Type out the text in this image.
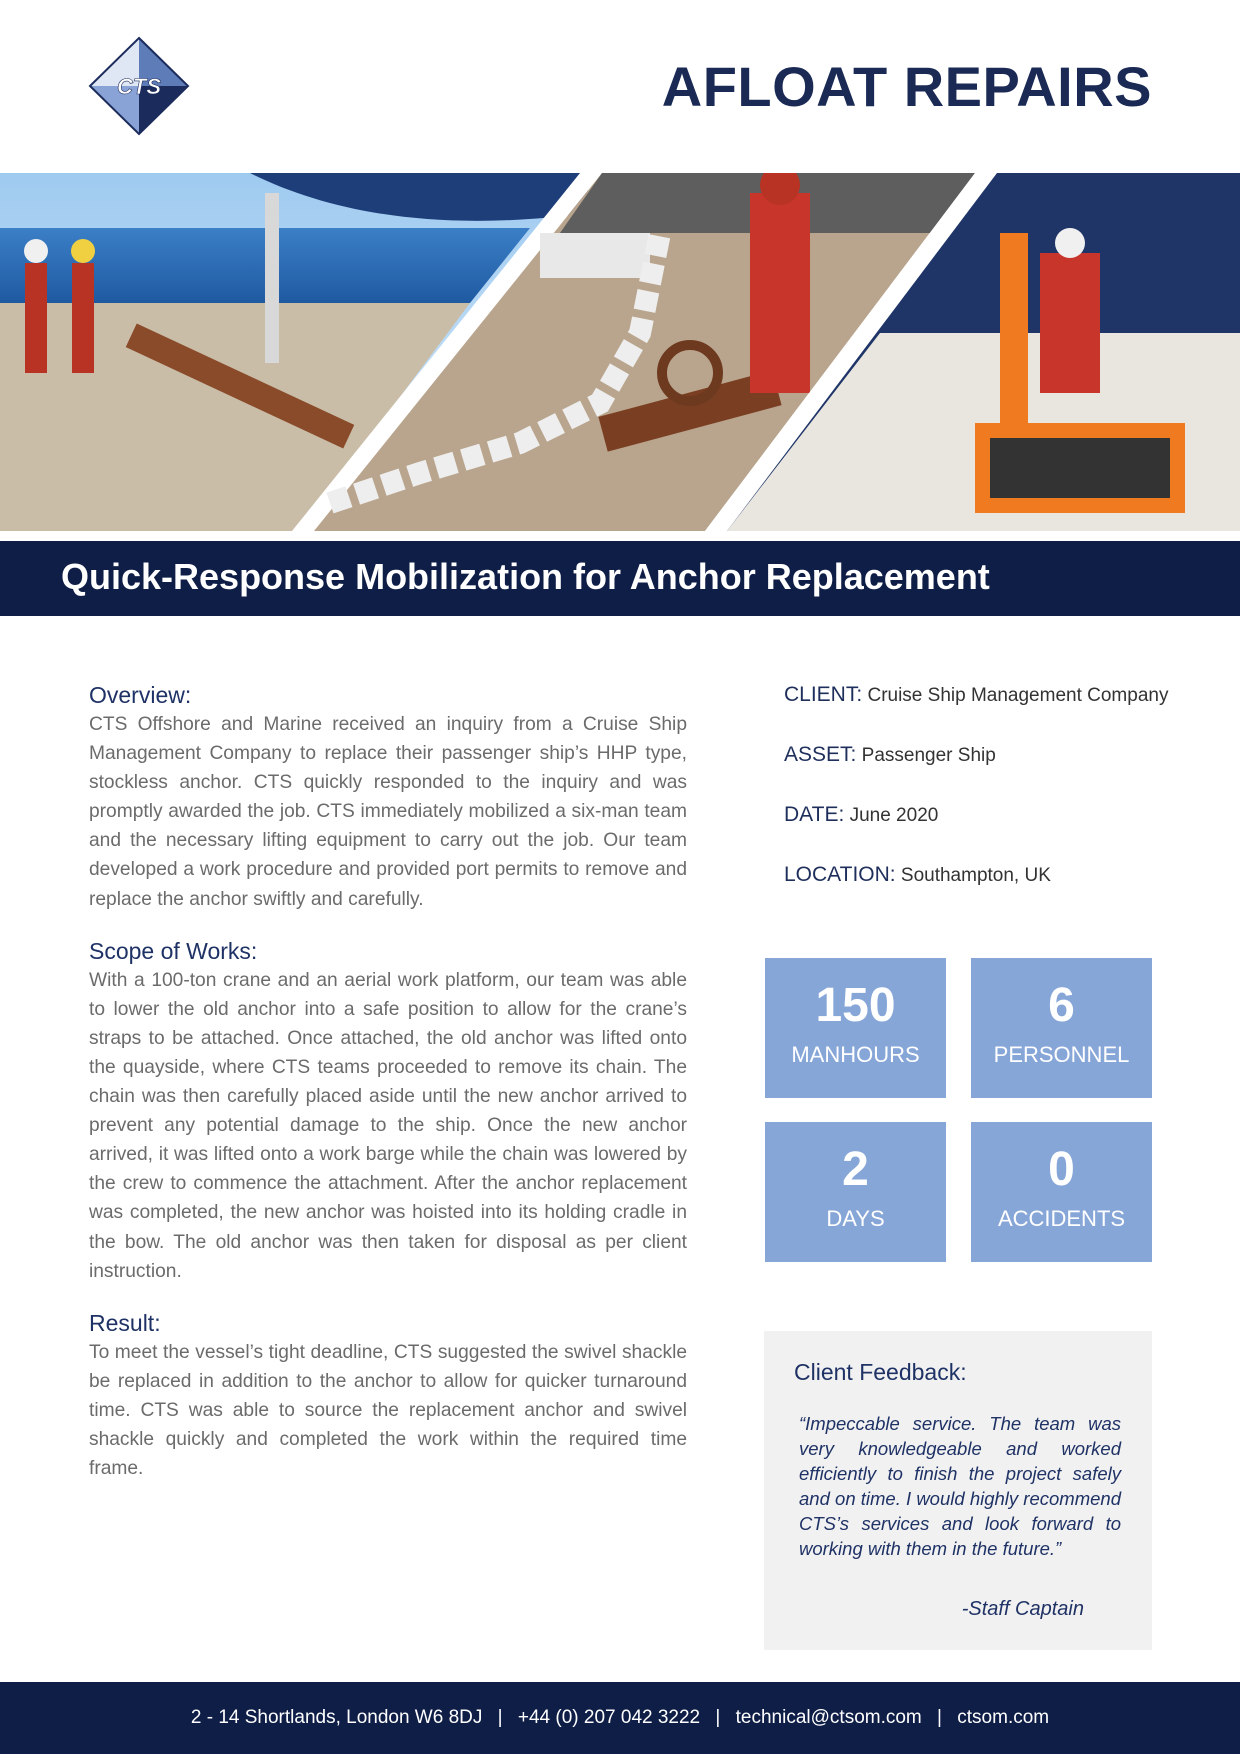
CTS	AFLOAT REPAIRS
Quick-Response Mobilization for Anchor Replacement
Overview:

CTS Offshore and Marine received an inquiry from a Cruise Ship Management Company to replace their passenger ship’s HHP type, stockless anchor. CTS quickly responded to the inquiry and was promptly awarded the job. CTS immediately mobilized a six-man team and the necessary lifting equipment to carry out the job. Our team developed a work procedure and provided port permits to remove and replace the anchor swiftly and carefully.

Scope of Works:

With a 100-ton crane and an aerial work platform, our team was able to lower the old anchor into a safe position to allow for the crane’s straps to be attached. Once attached, the old anchor was lifted onto the quayside, where CTS teams proceeded to remove its chain. The chain was then carefully placed aside until the new anchor arrived to prevent any potential damage to the ship. Once the new anchor arrived, it was lifted onto a work barge while the chain was lowered by the crew to commence the attachment. After the anchor replacement was completed, the new anchor was hoisted into its holding cradle in the bow. The old anchor was then taken for disposal as per client instruction.

Result:

To meet the vessel’s tight deadline, CTS suggested the swivel shackle be replaced in addition to the anchor to allow for quicker turnaround time. CTS was able to source the replacement anchor and swivel shackle quickly and completed the work within the required time frame.

CLIENT: Cruise Ship Management Company
ASSET: Passenger Ship
DATE: June 2020
LOCATION: Southampton, UK
150
MANHOURS
6
PERSONNEL
2
DAYS
0
ACCIDENTS
Client Feedback:

“Impeccable service. The team was very knowledgeable and worked efficiently to finish the project safely and on time. I would highly recommend CTS’s services and look forward to working with them in the future.”

-Staff Captain

2 - 14 Shortlands, London W6 8DJ | +44 (0) 207 042 3222 | technical@ctsom.com | ctsom.com
